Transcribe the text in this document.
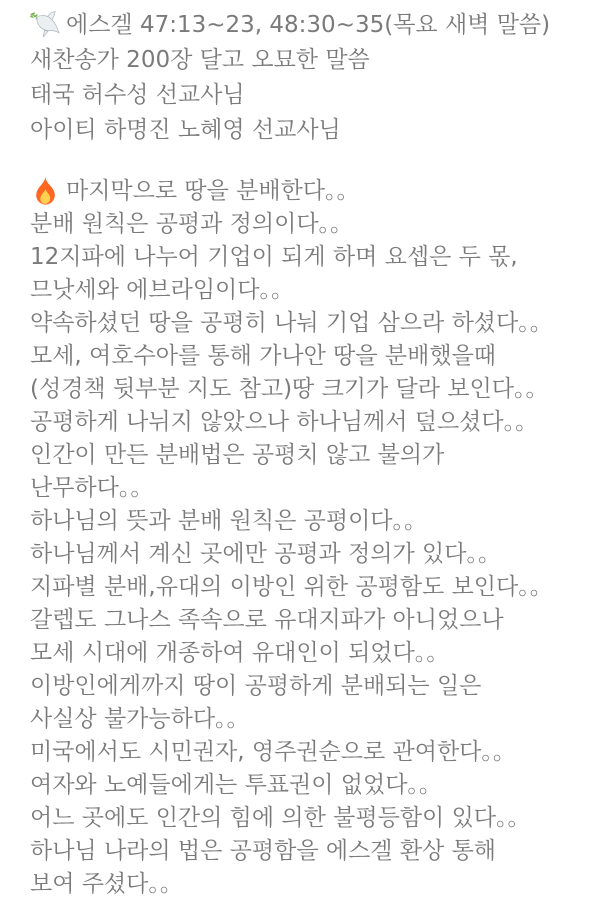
에스겔 47:13~23, 48:30~35(목요 새벽 말씀)
새찬송가 200장 달고 오묘한 말씀
태국 허수성 선교사님
아이티 하명진 노혜영 선교사님
마지막으로 땅을 분배한다。。
분배 원칙은 공평과 정의이다。。
12지파에 나누어 기업이 되게 하며 요셉은 두 몫,
므낫세와 에브라임이다。。
약속하셨던 땅을 공평히 나눠 기업 삼으라 하셨다。。
모세, 여호수아를 통해 가나안 땅을 분배했을때
(성경책 뒷부분 지도 참고)땅 크기가 달라 보인다。。
공평하게 나뉘지 않았으나 하나님께서 덮으셨다。。
인간이 만든 분배법은 공평치 않고 불의가
난무하다。。
하나님의 뜻과 분배 원칙은 공평이다。。
하나님께서 계신 곳에만 공평과 정의가 있다。。
지파별 분배,유대의 이방인 위한 공평함도 보인다。。
갈렙도 그나스 족속으로 유대지파가 아니었으나
모세 시대에 개종하여 유대인이 되었다。。
이방인에게까지 땅이 공평하게 분배되는 일은
사실상 불가능하다。。
미국에서도 시민권자, 영주권순으로 관여한다。。
여자와 노예들에게는 투표권이 없었다。。
어느 곳에도 인간의 힘에 의한 불평등함이 있다。。
하나님 나라의 법은 공평함을 에스겔 환상 통해
보여 주셨다。。
